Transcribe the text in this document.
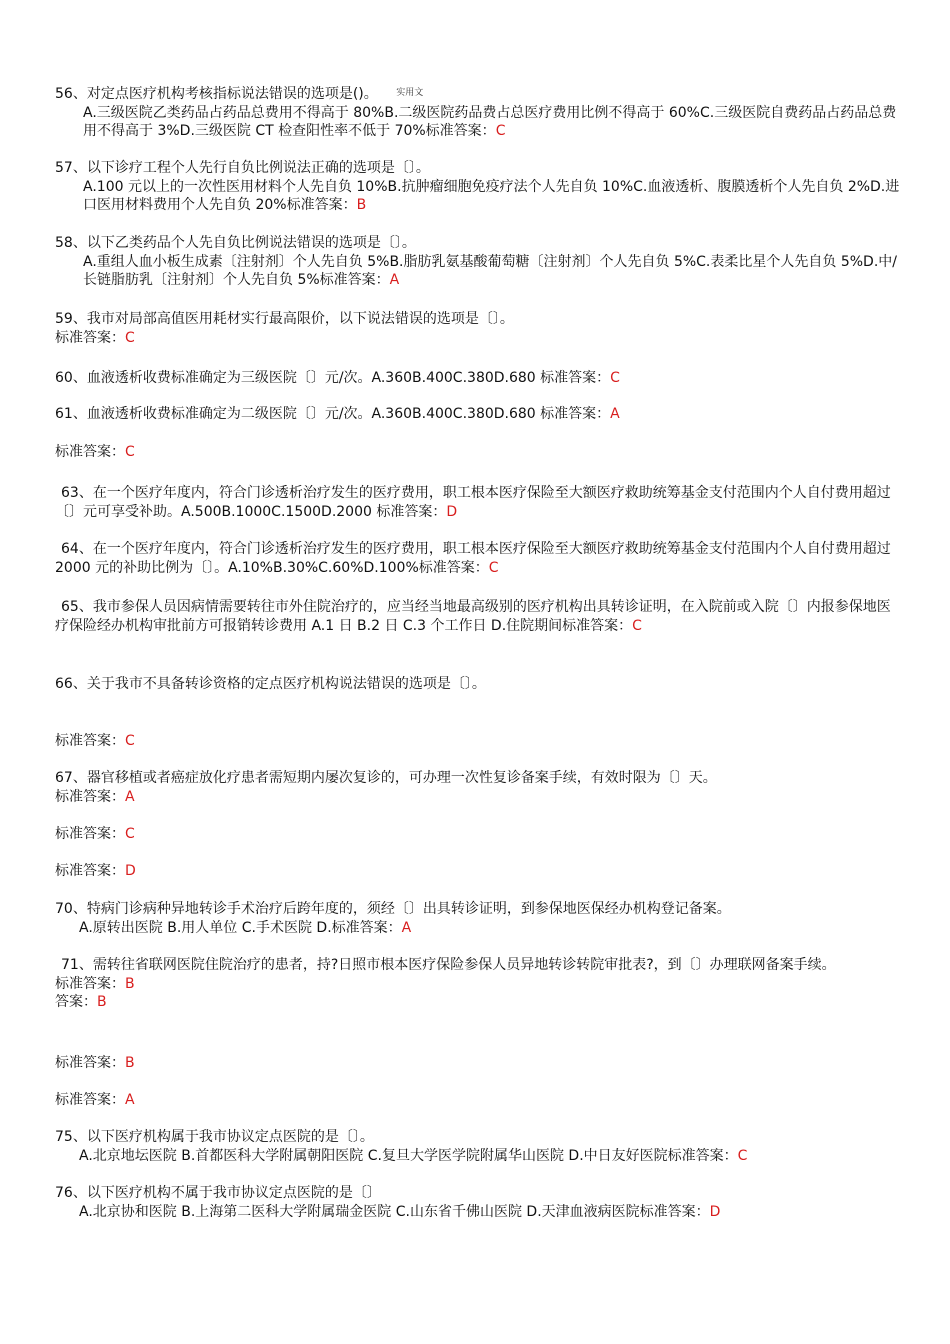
56、对定点医疗机构考核指标说法错误的选项是()。 $^{实用文}$
A.三级医院乙类药品占药品总费用不得高于 80%B.二级医院药品费占总医疗费用比例不得高于 60%C.三级医院自费药品占药品总费用不得高于 3%D.三级医院 CT 检查阳性率不低于 70%标准答案：C
57、以下诊疗工程个人先行自负比例说法正确的选项是〔〕。
A.100 元以上的一次性医用材料个人先自负 10%B.抗肿瘤细胞免疫疗法个人先自负 10%C.血液透析、腹膜透析个人先自负 2%D.进口医用材料费用个人先自负 20%标准答案：B
58、以下乙类药品个人先自负比例说法错误的选项是〔〕。
A.重组人血小板生成素〔注射剂〕个人先自负 5%B.脂肪乳氨基酸葡萄糖〔注射剂〕个人先自负 5%C.表柔比星个人先自负 5%D.中/长链脂肪乳〔注射剂〕个人先自负 5%标准答案：A
59、我市对局部高值医用耗材实行最高限价，以下说法错误的选项是〔〕。
标准答案：C
60、血液透析收费标准确定为三级医院〔〕元/次。A.360B.400C.380D.680 标准答案：C
61、血液透析收费标准确定为二级医院〔〕元/次。A.360B.400C.380D.680 标准答案：A
标准答案：C
63、在一个医疗年度内，符合门诊透析治疗发生的医疗费用，职工根本医疗保险至大额医疗救助统筹基金支付范围内个人自付费用超过〔〕元可享受补助。A.500B.1000C.1500D.2000 标准答案：D
64、在一个医疗年度内，符合门诊透析治疗发生的医疗费用，职工根本医疗保险至大额医疗救助统筹基金支付范围内个人自付费用超过 2000 元的补助比例为〔〕。A.10%B.30%C.60%D.100%标准答案：C
65、我市参保人员因病情需要转往市外住院治疗的，应当经当地最高级别的医疗机构出具转诊证明，在入院前或入院〔〕内报参保地医疗保险经办机构审批前方可报销转诊费用 A.1 日 B.2 日 C.3 个工作日 D.住院期间标准答案：C
66、关于我市不具备转诊资格的定点医疗机构说法错误的选项是〔〕。
标准答案：C
67、器官移植或者癌症放化疗患者需短期内屡次复诊的，可办理一次性复诊备案手续，有效时限为〔〕天。
标准答案：A
标准答案：C
标准答案：D
70、特病门诊病种异地转诊手术治疗后跨年度的，须经〔〕出具转诊证明，到参保地医保经办机构登记备案。
A.原转出医院 B.用人单位 C.手术医院 D.标准答案：A
71、需转往省联网医院住院治疗的患者，持?日照市根本医疗保险参保人员异地转诊转院审批表?，到〔〕办理联网备案手续。
标准答案：B
答案：B
标准答案：B
标准答案：A
75、以下医疗机构属于我市协议定点医院的是〔〕。
A.北京地坛医院 B.首都医科大学附属朝阳医院 C.复旦大学医学院附属华山医院 D.中日友好医院标准答案：C
76、以下医疗机构不属于我市协议定点医院的是〔〕
A.北京协和医院 B.上海第二医科大学附属瑞金医院 C.山东省千佛山医院 D.天津血液病医院标准答案：D
